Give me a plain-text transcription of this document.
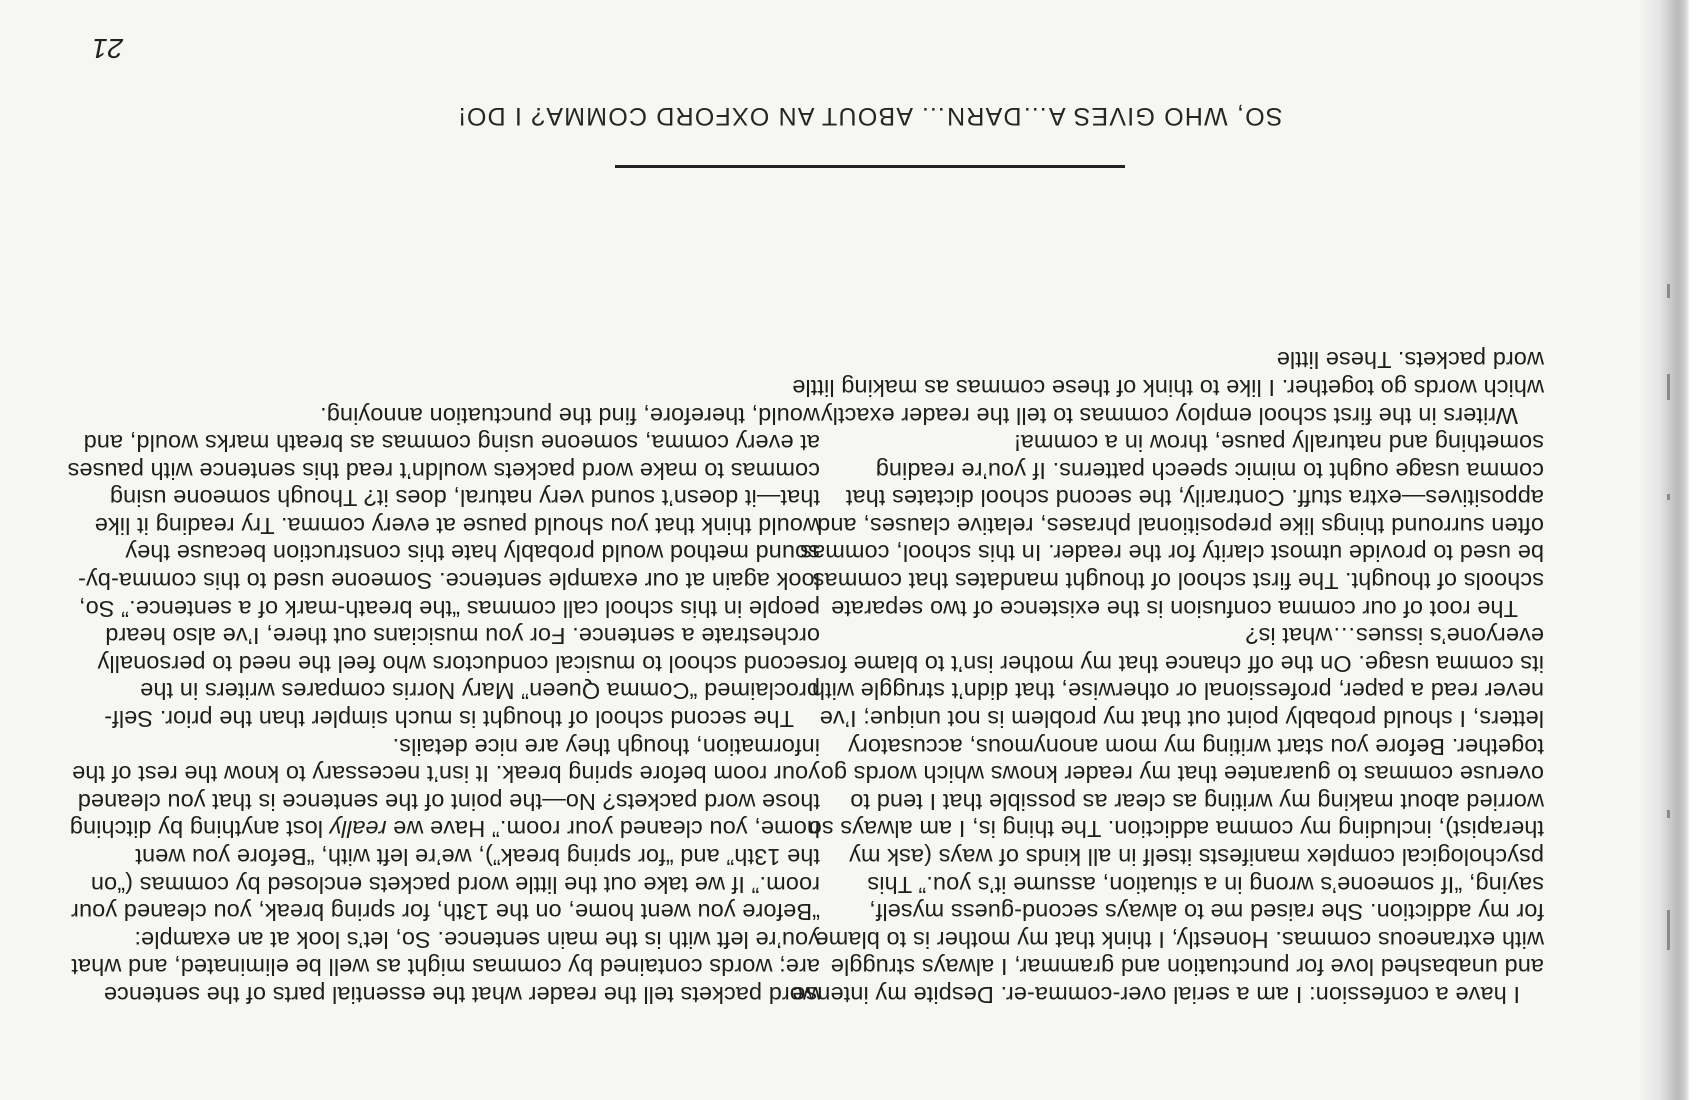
21
SO, WHO GIVES A…DARN… ABOUT AN OXFORD COMMA? I DO!

I have a confession: I am a serial over-comma-er. Despite my intense and unabashed love for punctuation and grammar, I always struggle with extraneous commas. Honestly, I think that my mother is to blame for my addiction. She raised me to always second-guess myself, saying, “If someone’s wrong in a situation, assume it’s you.” This psychological complex manifests itself in all kinds of ways (ask my therapist), including my comma addiction. The thing is, I am always so worried about making my writing as clear as possible that I tend to overuse commas to guarantee that my reader knows which words go together. Before you start writing my mom anonymous, accusatory letters, I should probably point out that my problem is not unique; I’ve never read a paper, professional or otherwise, that didn’t struggle with its comma usage. On the off chance that my mother isn’t to blame for everyone’s issues…what is?

The root of our comma confusion is the existence of two separate schools of thought. The first school of thought mandates that commas be used to provide utmost clarity for the reader. In this school, commas often surround things like prepositional phrases, relative clauses, and appositives—extra stuff. Contrarily, the second school dictates that comma usage ought to mimic speech patterns. If you’re reading something and naturally pause, throw in a comma!

Writers in the first school employ commas to tell the reader exactly which words go together. I like to think of these commas as making little word packets. These little

word packets tell the reader what the essential parts of the sentence are; words contained by commas might as well be eliminated, and what you’re left with is the main sentence. So, let’s look at an example: “Before you went home, on the 13th, for spring break, you cleaned your room.” If we take out the little word packets enclosed by commas (“on the 13th” and “for spring break”), we’re left with, “Before you went home, you cleaned your room.” Have we really lost anything by ditching those word packets? No—the point of the sentence is that you cleaned your room before spring break. It isn’t necessary to know the rest of the information, though they are nice details.

The second school of thought is much simpler than the prior. Self-proclaimed “Comma Queen” Mary Norris compares writers in the second school to musical conductors who feel the need to personally orchestrate a sentence. For you musicians out there, I’ve also heard people in this school call commas “the breath-mark of a sentence.” So, look again at our example sentence. Someone used to this comma-by-sound method would probably hate this construction because they would think that you should pause at every comma. Try reading it like that—it doesn’t sound very natural, does it? Though someone using commas to make word packets wouldn’t read this sentence with pauses at every comma, someone using commas as breath marks would, and would, therefore, find the punctuation annoying.
